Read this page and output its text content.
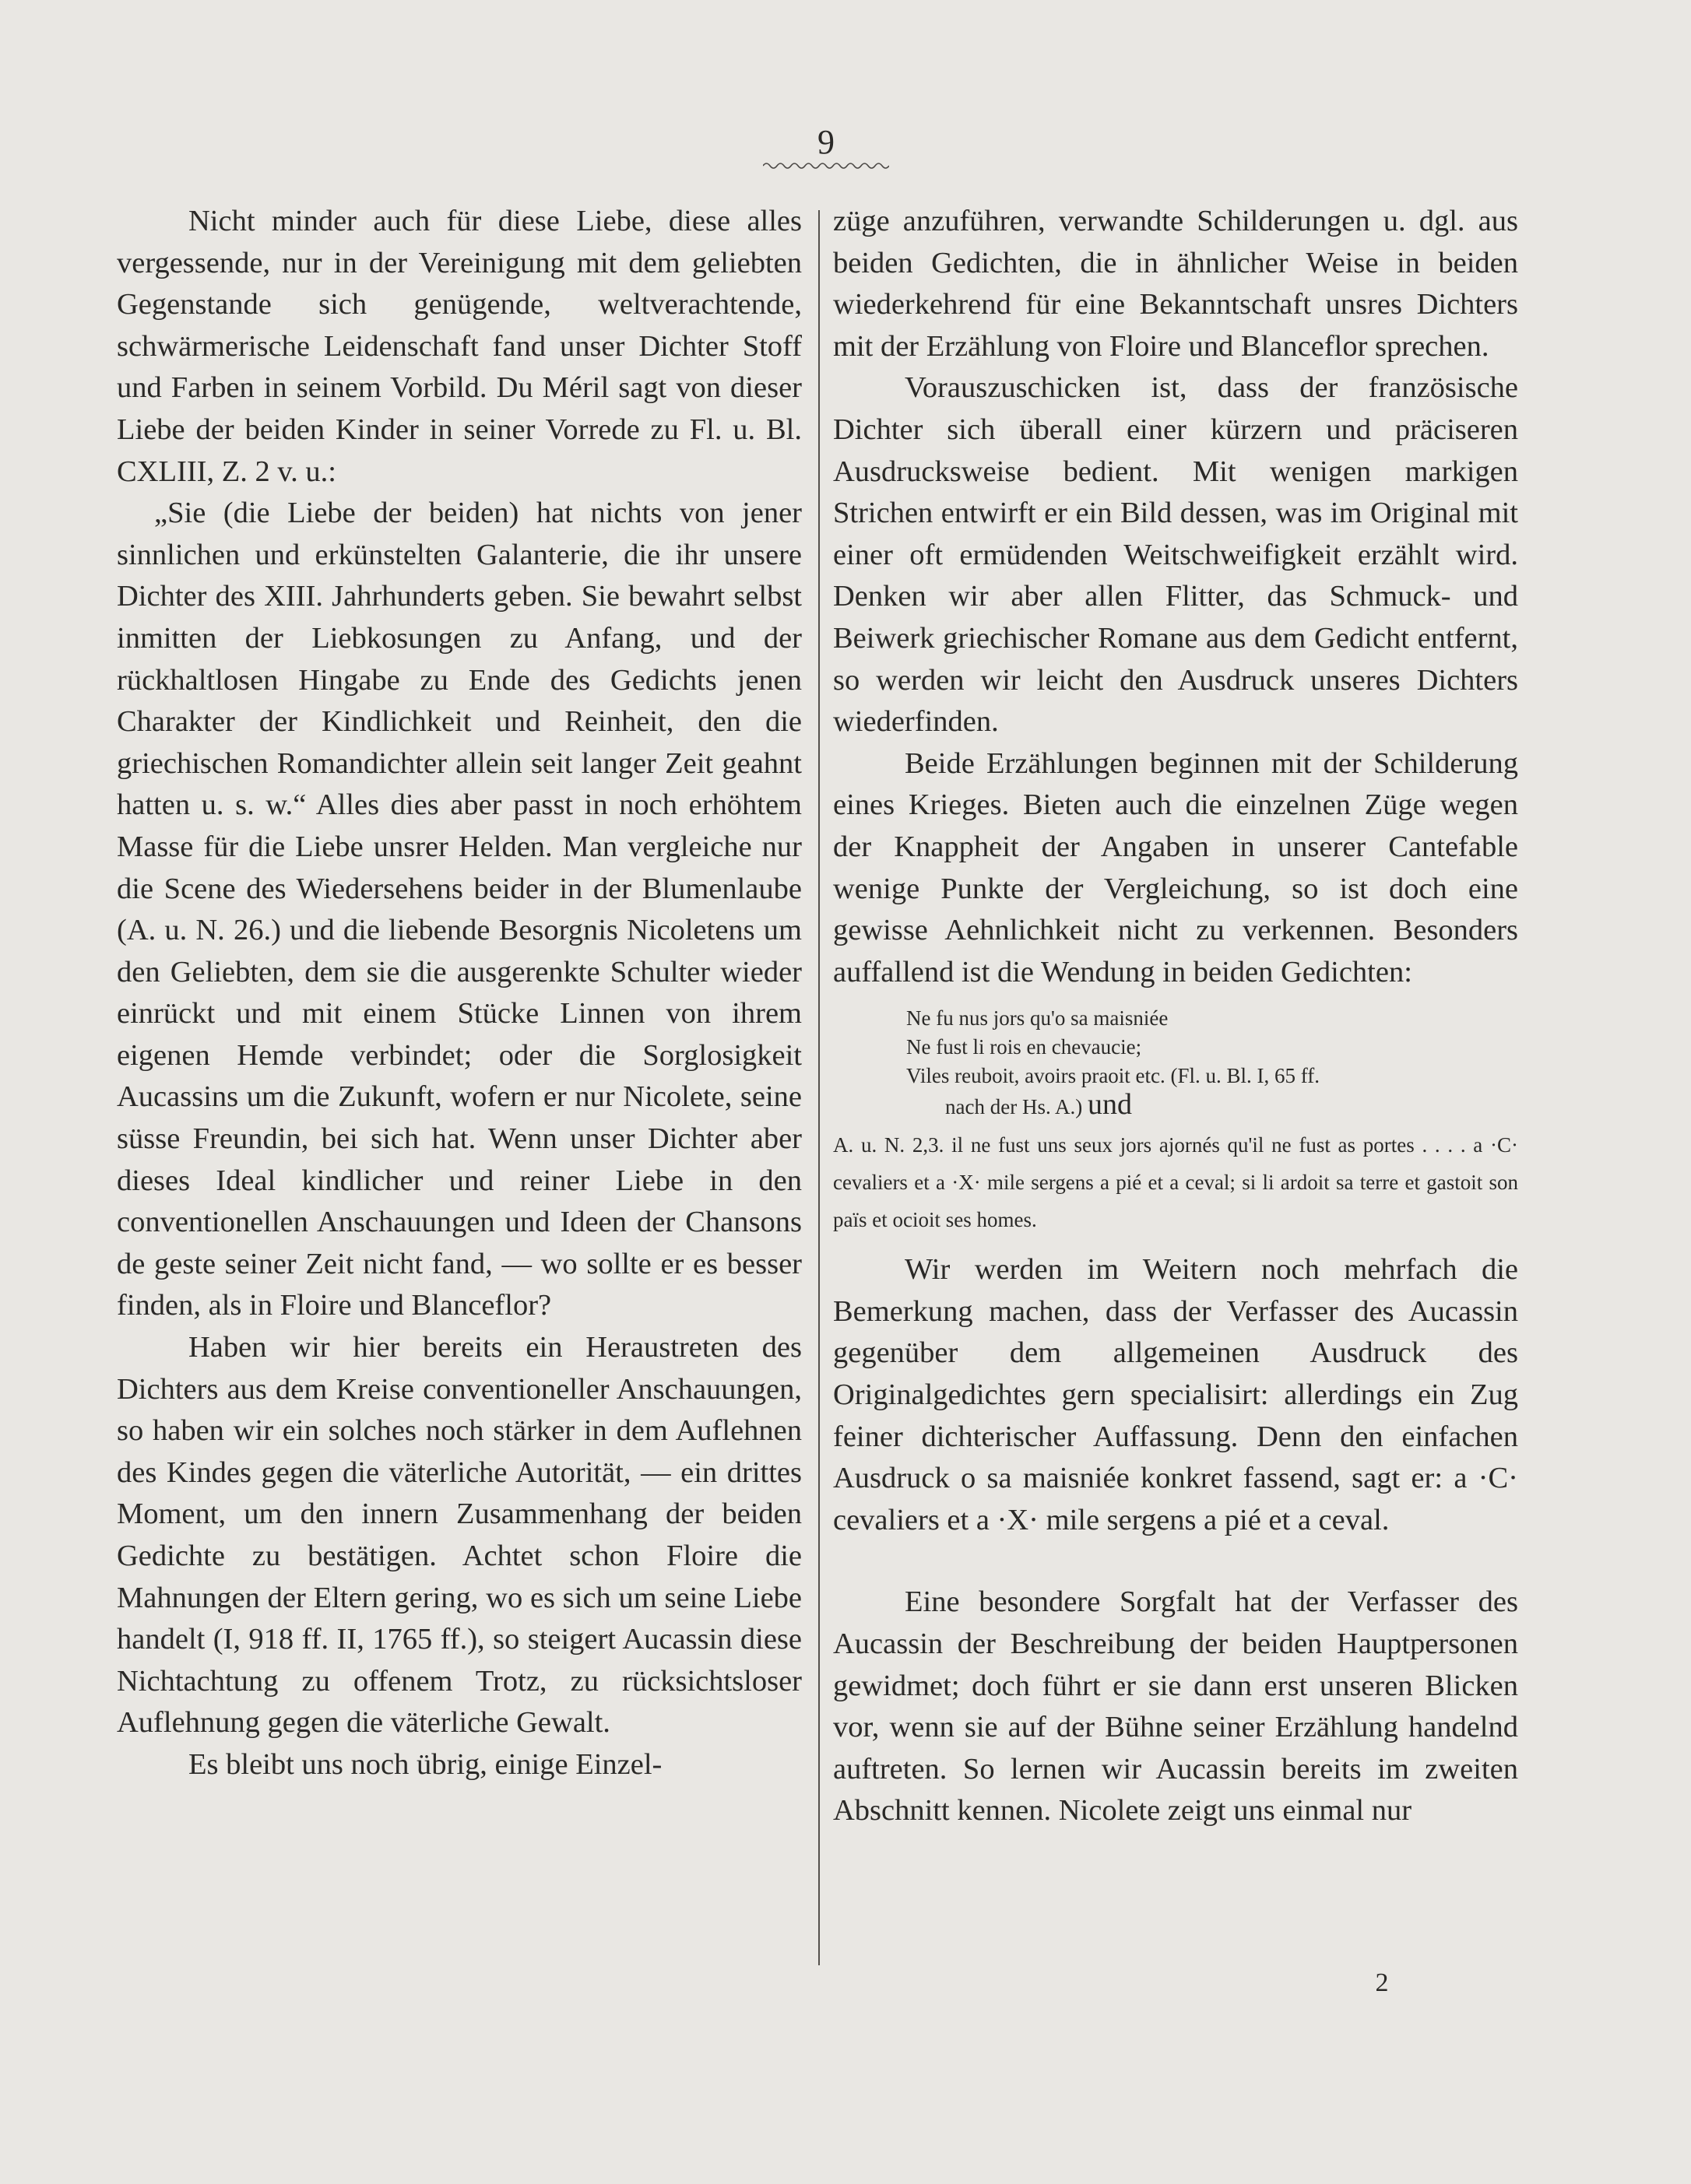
9

Nicht minder auch für diese Liebe, diese alles vergessende, nur in der Vereinigung mit dem geliebten Gegenstande sich genügende, weltverachtende, schwärmerische Leidenschaft fand unser Dichter Stoff und Farben in seinem Vorbild. Du Méril sagt von dieser Liebe der beiden Kinder in seiner Vorrede zu Fl. u. Bl. CXLIII, Z. 2 v. u.:

„Sie (die Liebe der beiden) hat nichts von jener sinnlichen und erkünstelten Galanterie, die ihr unsere Dichter des XIII. Jahrhunderts geben. Sie bewahrt selbst inmitten der Liebkosungen zu Anfang, und der rückhaltlosen Hingabe zu Ende des Gedichts jenen Charakter der Kindlichkeit und Reinheit, den die griechischen Romandichter allein seit langer Zeit geahnt hatten u. s. w.“ Alles dies aber passt in noch erhöhtem Masse für die Liebe unsrer Helden. Man vergleiche nur die Scene des Wiedersehens beider in der Blumenlaube (A. u. N. 26.) und die liebende Besorgnis Nicoletens um den Geliebten, dem sie die ausgerenkte Schulter wieder einrückt und mit einem Stücke Linnen von ihrem eigenen Hemde verbindet; oder die Sorglosigkeit Aucassins um die Zukunft, wofern er nur Nicolete, seine süsse Freundin, bei sich hat. Wenn unser Dichter aber dieses Ideal kindlicher und reiner Liebe in den conventionellen Anschauungen und Ideen der Chansons de geste seiner Zeit nicht fand, — wo sollte er es besser finden, als in Floire und Blanceflor?

Haben wir hier bereits ein Heraustreten des Dichters aus dem Kreise conventioneller Anschauungen, so haben wir ein solches noch stärker in dem Auflehnen des Kindes gegen die väterliche Autorität, — ein drittes Moment, um den innern Zusammenhang der beiden Gedichte zu bestätigen. Achtet schon Floire die Mahnungen der Eltern gering, wo es sich um seine Liebe handelt (I, 918 ff. II, 1765 ff.), so steigert Aucassin diese Nichtachtung zu offenem Trotz, zu rücksichtsloser Auflehnung gegen die väterliche Gewalt.

Es bleibt uns noch übrig, einige Einzel-

züge anzuführen, verwandte Schilderungen u. dgl. aus beiden Gedichten, die in ähnlicher Weise in beiden wiederkehrend für eine Bekanntschaft unsres Dichters mit der Erzählung von Floire und Blanceflor sprechen.

Vorauszuschicken ist, dass der französische Dichter sich überall einer kürzern und präciseren Ausdrucksweise bedient. Mit wenigen markigen Strichen entwirft er ein Bild dessen, was im Original mit einer oft ermüdenden Weitschweifigkeit erzählt wird. Denken wir aber allen Flitter, das Schmuck- und Beiwerk griechischer Romane aus dem Gedicht entfernt, so werden wir leicht den Ausdruck unseres Dichters wiederfinden.

Beide Erzählungen beginnen mit der Schilderung eines Krieges. Bieten auch die einzelnen Züge wegen der Knappheit der Angaben in unserer Cantefable wenige Punkte der Vergleichung, so ist doch eine gewisse Aehnlichkeit nicht zu verkennen. Besonders auffallend ist die Wendung in beiden Gedichten:

Ne fu nus jors qu'o sa maisniée
Ne fust li rois en chevaucie;
Viles reuboit, avoirs praoit etc. (Fl. u. Bl. I, 65 ff.
nach der Hs. A.) und

A. u. N. 2,3. il ne fust uns seux jors ajornés qu'il ne fust as portes . . . . a ·C· cevaliers et a ·X· mile sergens a pié et a ceval; si li ardoit sa terre et gastoit son païs et ocioit ses homes.

Wir werden im Weitern noch mehrfach die Bemerkung machen, dass der Verfasser des Aucassin gegenüber dem allgemeinen Ausdruck des Originalgedichtes gern specialisirt: allerdings ein Zug feiner dichterischer Auffassung. Denn den einfachen Ausdruck o sa maisniée konkret fassend, sagt er: a ·C· cevaliers et a ·X· mile sergens a pié et a ceval.

Eine besondere Sorgfalt hat der Verfasser des Aucassin der Beschreibung der beiden Hauptpersonen gewidmet; doch führt er sie dann erst unseren Blicken vor, wenn sie auf der Bühne seiner Erzählung handelnd auftreten. So lernen wir Aucassin bereits im zweiten Abschnitt kennen. Nicolete zeigt uns einmal nur

2
